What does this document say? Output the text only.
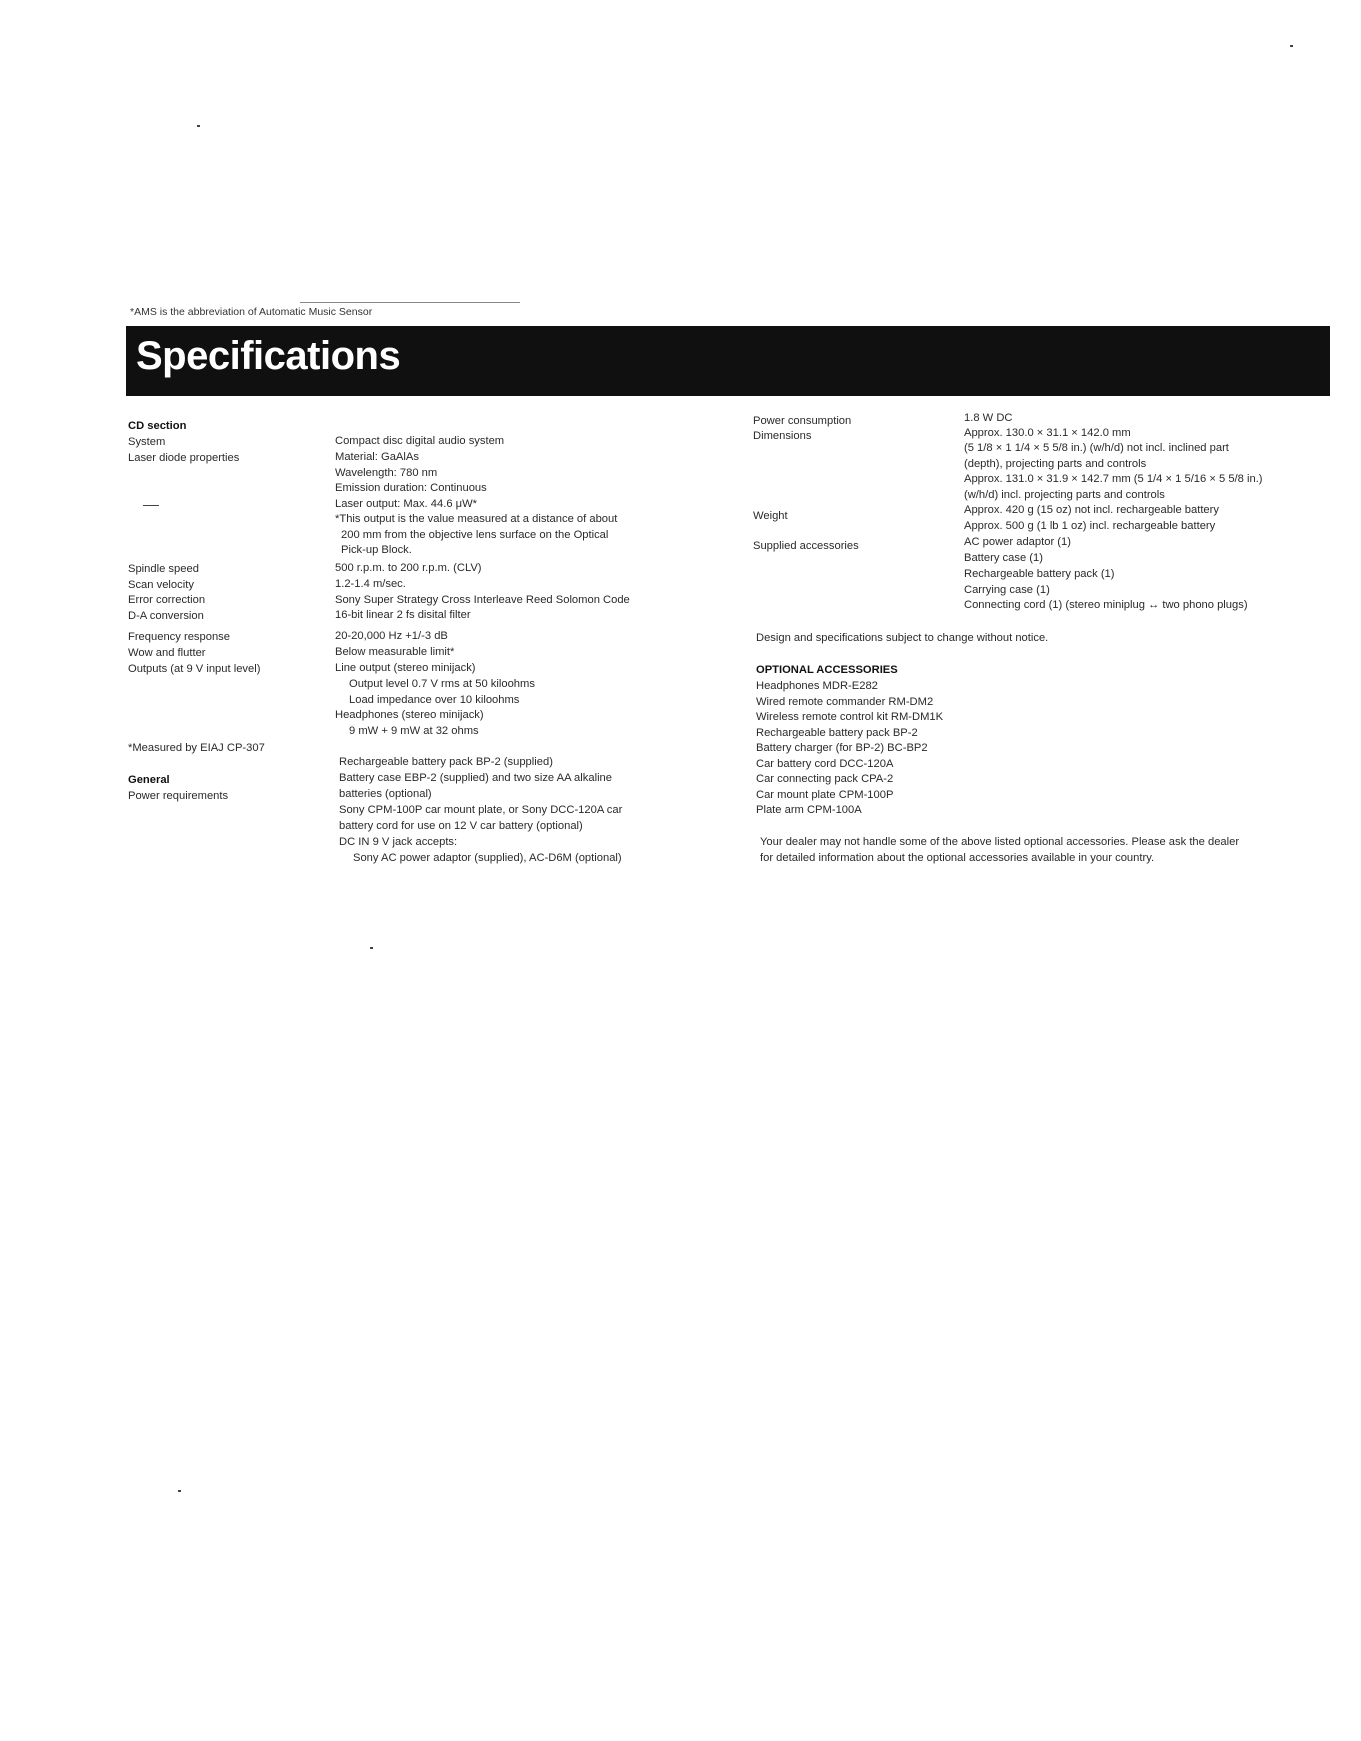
*AMS is the abbreviation of Automatic Music Sensor
Specifications
CD section
System
Laser diode properties
Spindle speed
Scan velocity
Error correction
D-A conversion
Frequency response
Wow and flutter
Outputs (at 9 V input level)
*Measured by EIAJ CP-307
General
Power requirements
Compact disc digital audio system
Material: GaAlAs
Wavelength: 780 nm
Emission duration: Continuous
Laser output: Max. 44.6 μW*
*This output is the value measured at a distance of about
200 mm from the objective lens surface on the Optical
Pick-up Block.
500 r.p.m. to 200 r.p.m. (CLV)
1.2-1.4 m/sec.
Sony Super Strategy Cross Interleave Reed Solomon Code
16-bit linear 2 fs disital filter
20-20,000 Hz +1/-3 dB
Below measurable limit*
Line output (stereo minijack)
Output level 0.7 V rms at 50 kiloohms
Load impedance over 10 kiloohms
Headphones (stereo minijack)
9 mW + 9 mW at 32 ohms
Rechargeable battery pack BP-2 (supplied)
Battery case EBP-2 (supplied) and two size AA alkaline
batteries (optional)
Sony CPM-100P car mount plate, or Sony DCC-120A car
battery cord for use on 12 V car battery (optional)
DC IN 9 V jack accepts:
Sony AC power adaptor (supplied), AC-D6M (optional)
Power consumption
Dimensions
Weight
Supplied accessories
1.8 W DC
Approx. 130.0 × 31.1 × 142.0 mm
(5 1/8 × 1 1/4 × 5 5/8 in.) (w/h/d) not incl. inclined part
(depth), projecting parts and controls
Approx. 131.0 × 31.9 × 142.7 mm (5 1/4 × 1 5/16 × 5 5/8 in.)
(w/h/d) incl. projecting parts and controls
Approx. 420 g (15 oz) not incl. rechargeable battery
Approx. 500 g (1 lb 1 oz) incl. rechargeable battery
AC power adaptor (1)
Battery case (1)
Rechargeable battery pack (1)
Carrying case (1)
Connecting cord (1) (stereo miniplug ↔ two phono plugs)
Design and specifications subject to change without notice.
OPTIONAL ACCESSORIES
Headphones MDR-E282
Wired remote commander RM-DM2
Wireless remote control kit RM-DM1K
Rechargeable battery pack BP-2
Battery charger (for BP-2) BC-BP2
Car battery cord DCC-120A
Car connecting pack CPA-2
Car mount plate CPM-100P
Plate arm CPM-100A
Your dealer may not handle some of the above listed optional accessories. Please ask the dealer
for detailed information about the optional accessories available in your country.
